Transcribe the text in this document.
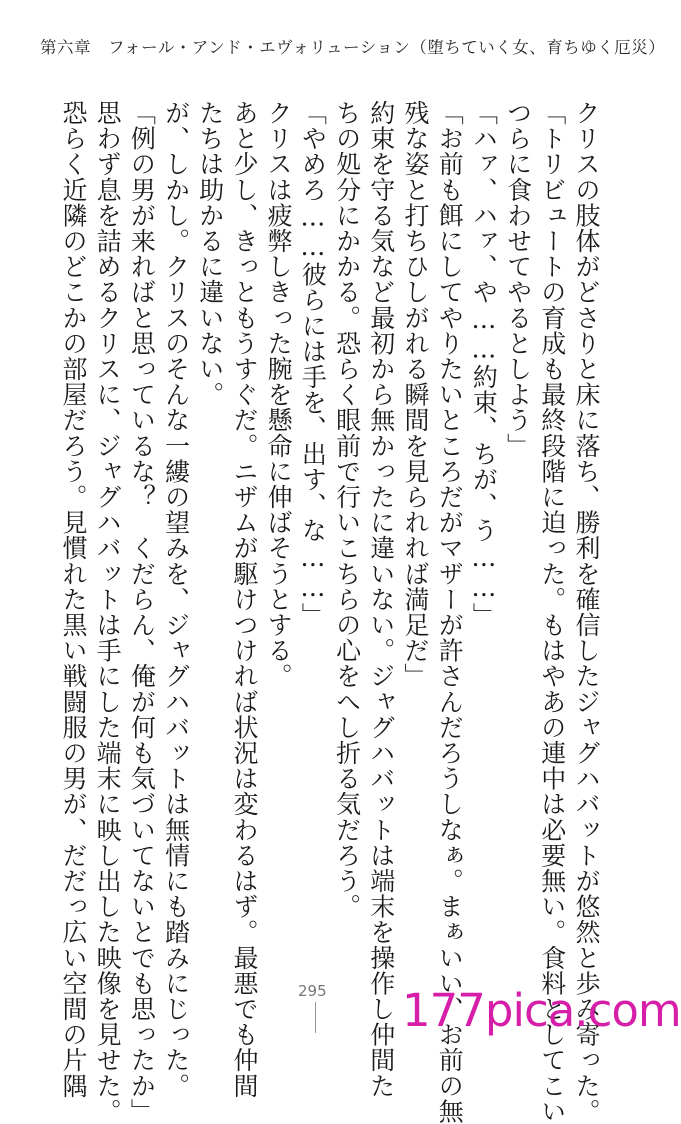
第六章　フォール・アンド・エヴォリューション（堕ちていく女、育ちゆく厄災）

クリスの肢体がどさりと床に落ち、勝利を確信したジャグハバットが悠然と歩み寄った。

「トリビュートの育成も最終段階に迫った。もはやあの連中は必要無い。食料としてこい

つらに食わせてやるとしよう」

「ハァ、ハァ、や……約束、ちが、う……」

「お前も餌にしてやりたいところだがマザーが許さんだろうしなぁ。まぁいい、お前の無

残な姿と打ちひしがれる瞬間を見られれば満足だ」

約束を守る気など最初から無かったに違いない。ジャグハバットは端末を操作し仲間た

ちの処分にかかる。恐らく眼前で行いこちらの心をへし折る気だろう。

「やめろ……彼らには手を、出す、な……」

クリスは疲弊しきった腕を懸命に伸ばそうとする。

あと少し、きっともうすぐだ。ニザムが駆けつければ状況は変わるはず。最悪でも仲間

たちは助かるに違いない。

が、しかし。クリスのそんな一縷の望みを、ジャグハバットは無情にも踏みにじった。

「例の男が来ればと思っているな？　くだらん、俺が何も気づいてないとでも思ったか」

思わず息を詰めるクリスに、ジャグハバットは手にした端末に映し出した映像を見せた。

恐らく近隣のどこかの部屋だろう。見慣れた黒い戦闘服の男が、だだっ広い空間の片隅	295 177pica.com
